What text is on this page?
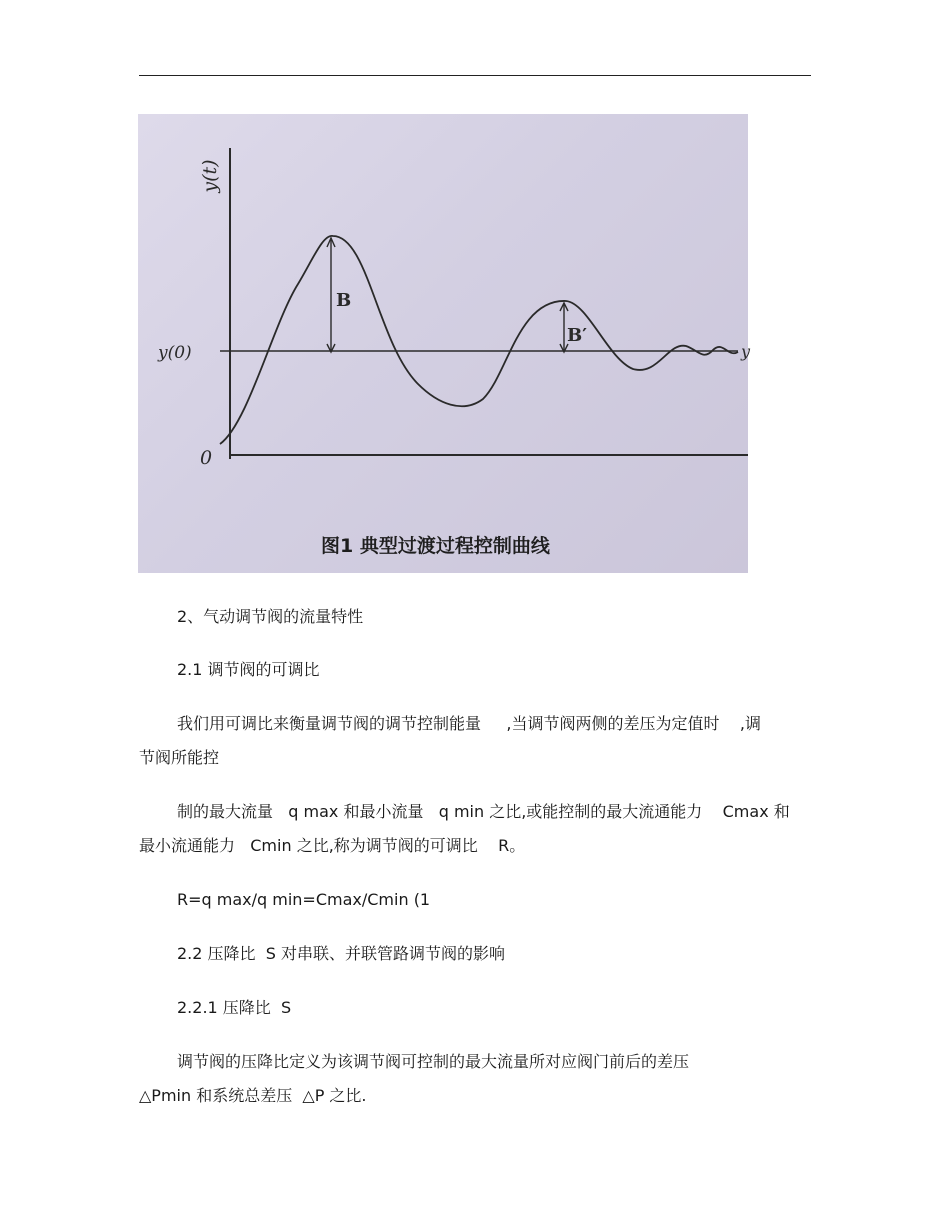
y(t)
y(0)
0
y
B
B′
图1 典型过渡过程控制曲线

2、气动调节阀的流量特性

2.1 调节阀的可调比

我们用可调比来衡量调节阀的调节控制能量     ,当调节阀两侧的差压为定值时    ,调

节阀所能控

制的最大流量   q max 和最小流量   q min 之比,或能控制的最大流通能力    Cmax 和

最小流通能力   Cmin 之比,称为调节阀的可调比    R。

R=q max/q min=Cmax/Cmin (1

2.2 压降比  S 对串联、并联管路调节阀的影响

2.2.1 压降比  S

调节阀的压降比定义为该调节阀可控制的最大流量所对应阀门前后的差压

△Pmin 和系统总差压  △P 之比.
